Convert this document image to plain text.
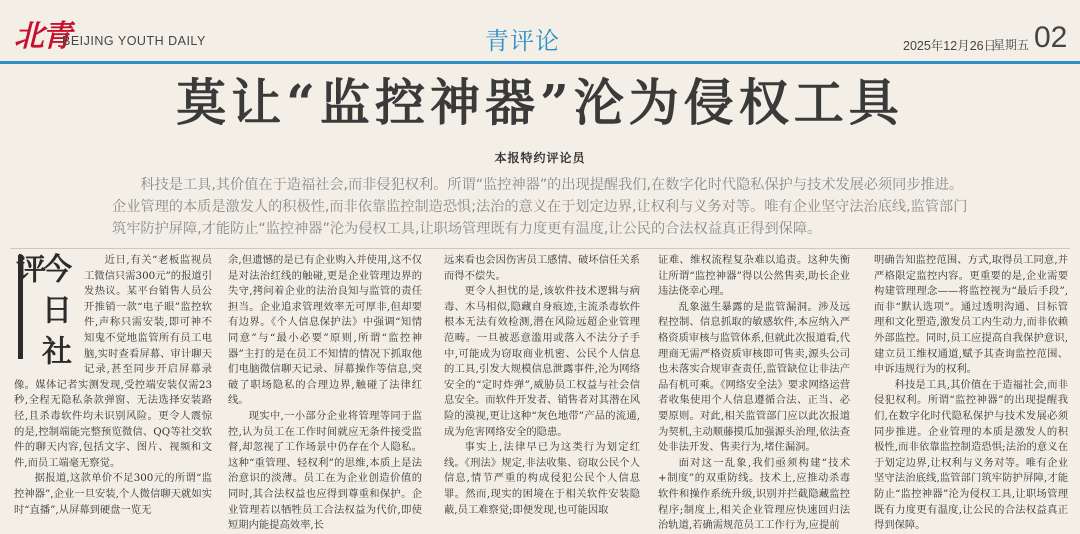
北青
BEIJING YOUTH DAILY	青评论	2025年12月26日
星期五 02
莫让“监控神器”沦为侵权工具
本报特约评论员

科技是工具,其价值在于造福社会,而非侵犯权利。所谓“监控神器”的出现提醒我们,在数字化时代隐私保护与技术发展必须同步推进。企业管理的本质是激发人的积极性,而非依靠监控制造恐惧;法治的意义在于划定边界,让权利与义务对等。唯有企业坚守法治底线,监管部门筑牢防护屏障,才能防止“监控神器”沦为侵权工具,让职场管理既有力度更有温度,让公民的合法权益真正得到保障。

今日社评	近日,有关“老板监视员工微信只需300元”的报道引发热议。某平台销售人员公开推销一款“电子眼”监控软件,声称只需安装,即可神不知鬼不觉地监管所有员工电脑,实时查看屏幕、审计聊天记录,甚至同步开启屏幕录像。媒体记者实测发现,受控端安装仅需23秒,全程无隐私条款弹窗、无法选择安装路径,且杀毒软件均未识别风险。更令人震惊的是,控制端能完整预览微信、QQ等社交软件的聊天内容,包括文字、图片、视频和文件,而员工端毫无察觉。

据报道,这款单价不足300元的所谓“监控神器”,企业一旦安装,个人微信聊天就如实时“直播”,从屏幕到硬盘一览无

余,但遗憾的是已有企业购入并使用,这不仅是对法治红线的触碰,更是企业管理边界的失守,拷问着企业的法治良知与监管的责任担当。企业追求管理效率无可厚非,但却要有边界。《个人信息保护法》中强调“知情同意”与“最小必要”原则,所谓“监控神器”主打的是在员工不知情的情况下抓取他们电脑微信聊天记录、屏幕操作等信息,突破了职场隐私的合理边界,触碰了法律红线。

现实中,一小部分企业将管理等同于监控,认为员工在工作时间就应无条件接受监督,却忽视了工作场景中仍存在个人隐私。这种“重管理、轻权利”的思维,本质上是法治意识的淡薄。员工在为企业创造价值的同时,其合法权益也应得到尊重和保护。企业管理若以牺牲员工合法权益为代价,即使短期内能提高效率,长

远来看也会因伤害员工感情、破坏信任关系而得不偿失。

更令人担忧的是,该软件技术逻辑与病毒、木马相似,隐藏自身痕迹,主流杀毒软件根本无法有效检测,潜在风险远超企业管理范畴。一旦被恶意滥用或落入不法分子手中,可能成为窃取商业机密、公民个人信息的工具,引发大规模信息泄露事件,沦为网络安全的“定时炸弹”,威胁员工权益与社会信息安全。而软件开发者、销售者对其潜在风险的漠视,更让这种“灰色地带”产品的流通,成为危害网络安全的隐患。

事实上,法律早已为这类行为划定红线。《刑法》规定,非法收集、窃取公民个人信息,情节严重的构成侵犯公民个人信息罪。然而,现实的困境在于相关软件安装隐蔽,员工难察觉;即便发现,也可能因取

证难、维权流程复杂难以追责。这种失衡让所谓“监控神器”得以公然售卖,助长企业违法侥幸心理。

乱象滋生暴露的是监管漏洞。涉及远程控制、信息抓取的敏感软件,本应纳入严格资质审核与监管体系,但就此次报道看,代理商无需严格资质审核即可售卖,源头公司也未落实合规审查责任,监管缺位让非法产品有机可乘。《网络安全法》要求网络运营者收集使用个人信息遵循合法、正当、必要原则。对此,相关监管部门应以此次报道为契机,主动顺藤摸瓜加强源头治理,依法查处非法开发、售卖行为,堵住漏洞。

面对这一乱象,我们亟须构建“技术+制度”的双重防线。技术上,应推动杀毒软件和操作系统升级,识别并拦截隐藏监控程序;制度上,相关企业管理应快速回归法治轨道,若确需规范员工工作行为,应提前

明确告知监控范围、方式,取得员工同意,并严格限定监控内容。更重要的是,企业需要构建管理理念——将监控视为“最后手段”,而非“默认选项”。通过透明沟通、目标管理和文化塑造,激发员工内生动力,而非依赖外部监控。同时,员工应提高自我保护意识,建立员工维权通道,赋予其查询监控范围、申诉违规行为的权利。

科技是工具,其价值在于造福社会,而非侵犯权利。所谓“监控神器”的出现提醒我们,在数字化时代隐私保护与技术发展必须同步推进。企业管理的本质是激发人的积极性,而非依靠监控制造恐惧;法治的意义在于划定边界,让权利与义务对等。唯有企业坚守法治底线,监管部门筑牢防护屏障,才能防止“监控神器”沦为侵权工具,让职场管理既有力度更有温度,让公民的合法权益真正得到保障。
